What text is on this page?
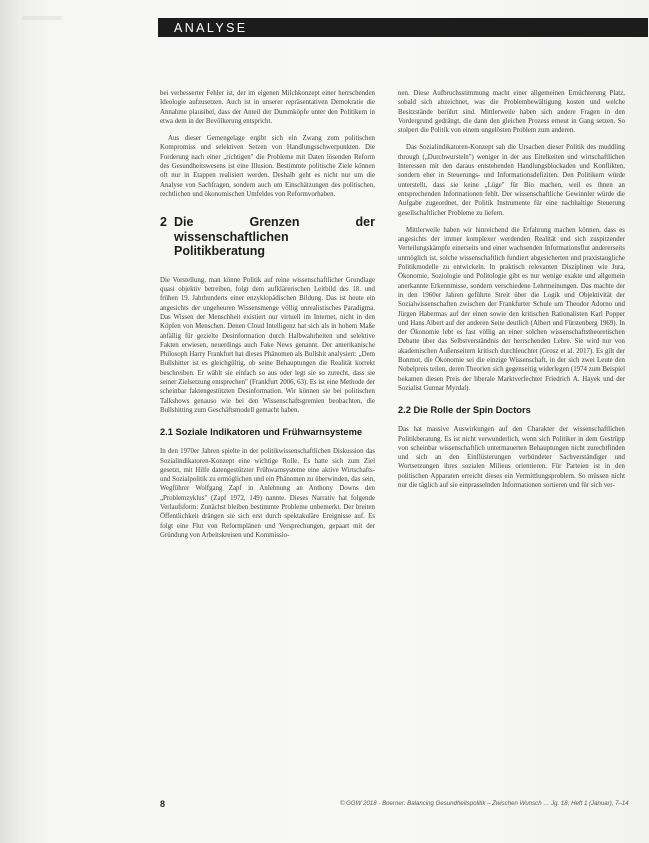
ANALYSE

bei verbesserter Fehler ist, der im eigenen Milchkonzept einer herrschenden Ideologie aufzusetzen. Auch ist in unserer repräsentativen Demokratie die Annahme plausibel, dass der Anteil der Dummköpfe unter den Politikern in etwa dem in der Bevölkerung entspricht.

Aus dieser Gemengelage ergibt sich ein Zwang zum politischen Kompromiss und selektiven Setzen von Handlungsschwerpunkten. Die Forderung nach einer „richtigen" die Probleme mit Daten lösenden Reform des Gesundheitswesens ist eine Illusion. Bestimmte politische Ziele können oft nur in Etappen realisiert werden. Deshalb geht es nicht nur um die Analyse von Sachfragen, sondern auch um Einschätzungen des politischen, rechtlichen und ökonomischen Umfeldes von Reformvorhaben.

2 Die Grenzen der wissenschaftlichen Politikberatung

Die Vorstellung, man könne Politik auf reine wissenschaftlicher Grundlage quasi objektiv betreiben, folgt dem aufklärerischen Leitbild des 18. und frühen 19. Jahrhunderts einer enzyklopädischen Bildung. Das ist heute ein angesichts der ungeheuren Wissensmenge völlig unrealistisches Paradigma. Das Wissen der Menschheit existiert nur virtuell im Internet, nicht in den Köpfen von Menschen. Denen Cloud Intelligenz hat sich als in hohem Maße anfällig für gezielte Desinformation durch Halbwahrheiten und selektive Fakten erwiesen, neuerdings auch Fake News genannt. Der amerikanische Philosoph Harry Frankfurt hat dieses Phänomen als Bullshit analysiert: „Dem Bullshitter ist es gleichgültig, ob seine Behauptungen die Realität korrekt beschreiben. Er wählt sie einfach so aus oder legt sie so zurecht, dass sie seiner Zielsetzung entsprechen" (Frankfurt 2006, 63). Es ist eine Methode der scheinbar faktengestützten Desinformation. Wir können sie bei politischen Talkshows genauso wie bei den Wissenschaftsgremien beobachten, die Bullshitting zum Geschäftsmodell gemacht haben.

2.1 Soziale Indikatoren und Frühwarnsysteme

In den 1970er Jahren spielte in der politikwissenschaftlichen Diskussion das Sozialindikatoren-Konzept eine wichtige Rolle. Es hatte sich zum Ziel gesetzt, mit Hilfe datengestützter Frühwarnsysteme eine aktive Wirtschafts- und Sozialpolitik zu ermöglichen und ein Phänomen zu überwinden, das sein, Wegführer Wolfgang Zapf in Anlehnung an Anthony Downs den „Problemzyklus" (Zapf 1972, 149) nannte. Dieses Narrativ hat folgende Verlaufsform: Zunächst bleiben bestimmte Probleme unbemerkt. Der breiten Öffentlichkeit drängen sie sich erst durch spektakuläre Ereignisse auf. Es folgt eine Flut von Reformplänen und Versprechungen, gepaart mit der Gründung von Arbeitskreisen und Kommissio-

nen. Diese Aufbruchsstimmung macht einer allgemeinen Ernüchterung Platz, sobald sich abzeichnet, was die Problembewältigung kosten und welche Besitzstände berührt sind. Mittlerweile haben sich andere Fragen in den Vordergrund gedrängt, die dann den gleichen Prozess erneut in Gang setzen. So stolpert die Politik von einem ungelösten Problem zum anderen.

Das Sozialindikatoren-Konzept sah die Ursachen dieser Politik des muddling through („Durchwursteln") weniger in der aus Eitelkeiten und wirtschaftlichen Interessen mit den daraus entstehenden Handlungsblockaden und Konflikten, sondern eher in Steuerungs- und Informationsdefiziten. Den Politikern würde unterstellt, dass sie keine „Lüge" für Bio machen, weil es ihnen an entsprechenden Informationen fehlt. Der wissenschaftliche Gewinnler würde die Aufgabe zugeordnet, der Politik Instrumente für eine nachhaltige Steuerung gesellschaftlicher Probleme zu liefern.

Mittlerweile haben wir hinreichend die Erfahrung machen können, dass es angesichts der immer komplexer werdenden Realität und sich zuspitzender Verteilungskämpfe einerseits und einer wachsenden Informationsflut andererseits unmöglich ist, solche wissenschaftlich fundiert abgesicherten und praxistaugliche Politikmodelle zu entwickeln. In praktisch relevanten Disziplinen wie Jura, Ökonomie, Soziologie und Politologie gibt es nur wenige exakte und allgemein anerkannte Erkenntnisse, sondern verschiedene Lehrmeinungen. Das machte der in den 1960er Jahren geführte Streit über die Logik und Objektivität der Sozialwissenschaften zwischen der Frankfurter Schule um Theodor Adorno und Jürgen Habermas auf der einen sowie den kritischen Rationalisten Karl Popper und Hans Albert auf der anderen Seite deutlich (Albert und Fürstenberg 1969). In der Ökonomie lebt es fast völlig an einer solchen wissenschaftstheoretischen Debatte über das Selbstverständnis der herrschenden Lehre. Sie wird nur von akademischen Außenseitern kritisch durchleuchtet (Grosz et al. 2017). Es gilt der Bonmot, die Ökonomie sei die einzige Wissenschaft, in der sich zwei Leute den Nobelpreis teilen, deren Theorien sich gegenseitig widerlegen (1974 zum Beispiel bekamen diesen Preis der liberale Marktverfechter Friedrich A. Hayek und der Sozialist Gunnar Myrdal).

2.2 Die Rolle der Spin Doctors

Das hat massive Auswirkungen auf den Charakter der wissenschaftlichen Politikberatung. Es ist nicht verwunderlich, wenn sich Politiker in dem Gestrüpp von scheinbar wissenschaftlich untermauerten Behauptungen nicht zurechtfinden und sich an den Einflüsterungen verbündeter Sachverständiger und Wortsetzungen ihres sozialen Milieus orientieren. Für Parteien ist in den politischen Apparaten erreicht dieses ein Vermittlungsproblem. So müssen nicht nur die täglich auf sie einprasselnden Informationen sortieren und für sich ver-

8	© GGW 2018 · Boerner: Balancing Gesundheitspolitik – Zwischen Wunsch … Jg. 18, Heft 1 (Januar), 7–14
